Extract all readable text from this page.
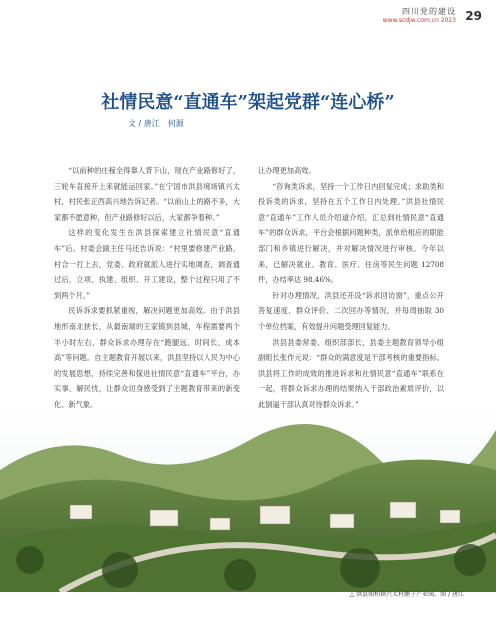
四川党的建设
www.scdjw.com.cn 2023 29
社情民意“直通车”架起党群“连心桥”
文 / 唐江　何源

“以前种的庄稼全得靠人背下山，现在产业路修好了，三轮车直接开上来就能运回家。”在宁国市洪县境场镇兴太村，村民张正西高兴地告诉记者。“以前山上的路不多，大家都不愿意种，但产业路修好以后，大家都争着种。”

这样的变化发生在洪县探索建立社情民意“直通车”后。村委会副主任马还告诉说：“村里要修建产业路，村合一打上去，党委、政府就派人进行实地调查，调查通过后，立项、执建、组织、开工建设，整个过程只用了不到两个月。”

民诉诉求要抓紧重视，解决问题更加高效。由于洪县地形南北狭长，从最南端的王家镇到县城，车程需要两个半小时左右，群众诉求办理存在“跑腿远、时间长、成本高”等问题。自主题教育开展以来，洪县坚持以人民为中心的发展思想，持续完善和探进社情民意“直通车”平台，办实事、解民忧，让群众切身感受到了主题教育带来的新变化、新气象。

让办理更加高效。

“咨询类诉求，坚持一个工作日内回复完成；求助类和投诉类的诉求，坚持在五个工作日内处理。”洪县社情民意“直通车”工作人员介绍道介绍，汇总到社情民意“直通车”的群众诉求，平台会根据问题种类，派单给相应的职能部门和乡镇进行解决，并对解决情况进行审核。今年以来，已解决就业、教育、医疗、住房等民生问题 12708 件，办结率达 98.46%。

针对办理情况，洪县还开设“诉求回访窗”，重点公开答复速度、群众评价、二次回办等情况，并每周抽取 30 个单位档案，有效提升问题受理回复能力。

洪县县委常委、组织部部长，县委主题教育领导小组副组长张作元说：“群众的满意度是干部考核的重要指标。洪县将工作的成效的推进诉求和社情民意“直通车”联系在一起，将群众诉求办理的结果纳入干部政治素质评价，以此倒逼干部认真对待群众诉求。”

△ 洪县图柏镇兴太村鹏子产业园。图 / 唐江
